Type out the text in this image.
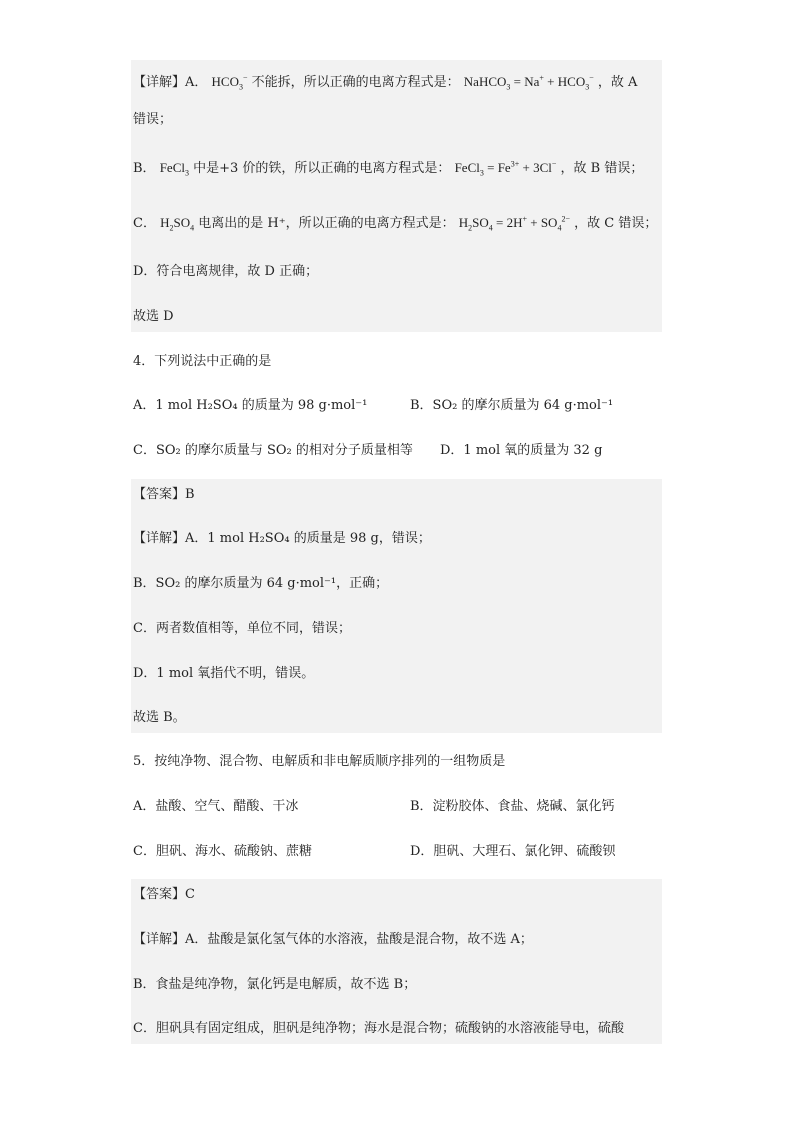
【详解】A． $HCO_3^-$ 不能拆，所以正确的电离方程式是： NaHCO$_3$ = $Na^+ + HCO_3^-$ ，故 A
错误；
B． FeCl$_3$ 中是+3 价的铁，所以正确的电离方程式是： FeCl$_3$ = $Fe^{3+} + 3Cl^-$ ，故 B 错误；
C． $H_2SO_4$ 电离出的是 H⁺，所以正确的电离方程式是： $H_2SO_4 = 2H^+ + SO_4^{2-}$ ，故 C 错误；
D．符合电离规律，故 D 正确；
故选 D
4．下列说法中正确的是
A．1 mol H₂SO₄ 的质量为 98 g·mol⁻¹	B．SO₂ 的摩尔质量为 64 g·mol⁻¹
C．SO₂ 的摩尔质量与 SO₂ 的相对分子质量相等 D．1 mol 氧的质量为 32 g
【答案】B
【详解】A．1 mol H₂SO₄ 的质量是 98 g，错误；
B．SO₂ 的摩尔质量为 64 g·mol⁻¹，正确；
C．两者数值相等，单位不同，错误；
D．1 mol 氧指代不明，错误。
故选 B。
5．按纯净物、混合物、电解质和非电解质顺序排列的一组物质是
A．盐酸、空气、醋酸、干冰	B．淀粉胶体、食盐、烧碱、氯化钙
C．胆矾、海水、硫酸钠、蔗糖	D．胆矾、大理石、氯化钾、硫酸钡
【答案】C
【详解】A．盐酸是氯化氢气体的水溶液，盐酸是混合物，故不选 A；
B．食盐是纯净物，氯化钙是电解质，故不选 B；
C．胆矾具有固定组成，胆矾是纯净物；海水是混合物；硫酸钠的水溶液能导电，硫酸
